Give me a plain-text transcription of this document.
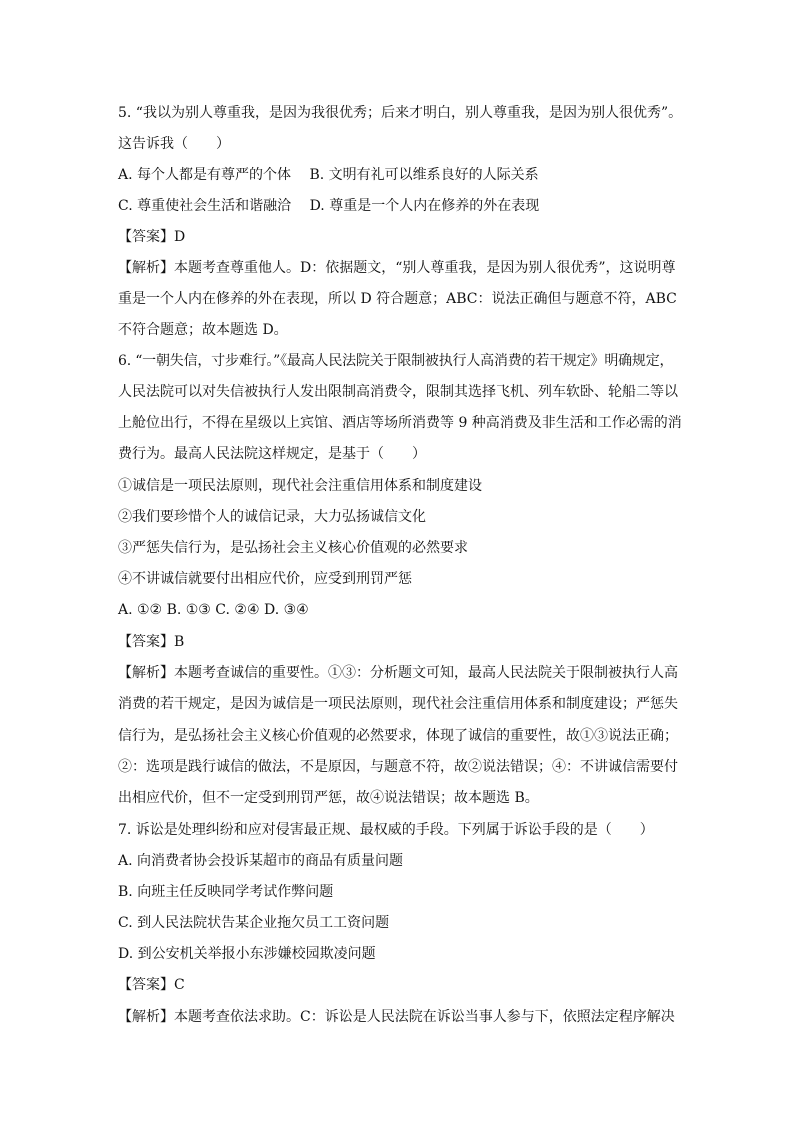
5. “我以为别人尊重我，是因为我很优秀；后来才明白，别人尊重我，是因为别人很优秀”。
这告诉我（　　）
A. 每个人都是有尊严的个体　 B. 文明有礼可以维系良好的人际关系
C. 尊重使社会生活和谐融洽　 D. 尊重是一个人内在修养的外在表现
【答案】D
【解析】本题考查尊重他人。D：依据题文，“别人尊重我，是因为别人很优秀”，这说明尊
重是一个人内在修养的外在表现，所以 D 符合题意；ABC：说法正确但与题意不符，ABC
不符合题意；故本题选 D。
6. “一朝失信，寸步难行。”《最高人民法院关于限制被执行人高消费的若干规定》明确规定，
人民法院可以对失信被执行人发出限制高消费令，限制其选择飞机、列车软卧、轮船二等以
上舱位出行，不得在星级以上宾馆、酒店等场所消费等 9 种高消费及非生活和工作必需的消
费行为。最高人民法院这样规定，是基于（　　）
①诚信是一项民法原则，现代社会注重信用体系和制度建设
②我们要珍惜个人的诚信记录，大力弘扬诚信文化
③严惩失信行为，是弘扬社会主义核心价值观的必然要求
④不讲诚信就要付出相应代价，应受到刑罚严惩
A. ①② B. ①③ C. ②④ D. ③④
【答案】B
【解析】本题考查诚信的重要性。①③：分析题文可知，最高人民法院关于限制被执行人高
消费的若干规定，是因为诚信是一项民法原则，现代社会注重信用体系和制度建设；严惩失
信行为，是弘扬社会主义核心价值观的必然要求，体现了诚信的重要性，故①③说法正确；
②：选项是践行诚信的做法，不是原因，与题意不符，故②说法错误；④：不讲诚信需要付
出相应代价，但不一定受到刑罚严惩，故④说法错误；故本题选 B。
7. 诉讼是处理纠纷和应对侵害最正规、最权威的手段。下列属于诉讼手段的是（　　）
A. 向消费者协会投诉某超市的商品有质量问题
B. 向班主任反映同学考试作弊问题
C. 到人民法院状告某企业拖欠员工工资问题
D. 到公安机关举报小东涉嫌校园欺凌问题
【答案】C
【解析】本题考查依法求助。C：诉讼是人民法院在诉讼当事人参与下，依照法定程序解决
